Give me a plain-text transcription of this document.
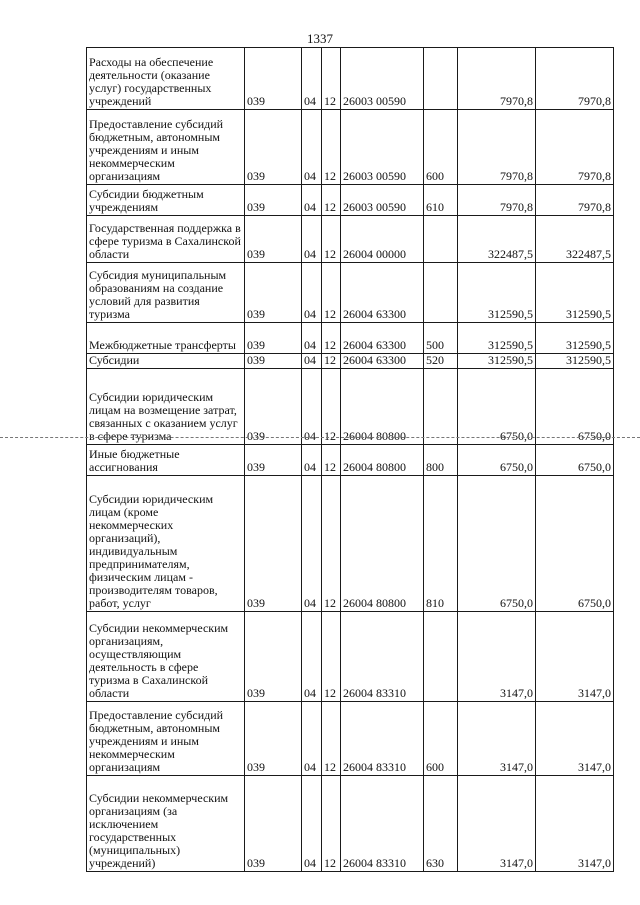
1337
Расходы на обеспечение деятельности (оказание услуг) государственных учреждений	039	04	12	26003 00590		7970,8	7970,8
Предоставление субсидий бюджетным, автономным учреждениям и иным некоммерческим организациям	039	04	12	26003 00590	600	7970,8	7970,8
Субсидии бюджетным учреждениям	039	04	12	26003 00590	610	7970,8	7970,8
Государственная поддержка в сфере туризма в Сахалинской области	039	04	12	26004 00000		322487,5	322487,5
Субсидия муниципальным образованиям на создание условий для развития туризма	039	04	12	26004 63300		312590,5	312590,5
Межбюджетные трансферты	039	04	12	26004 63300	500	312590,5	312590,5
Субсидии	039	04	12	26004 63300	520	312590,5	312590,5
Субсидии юридическим лицам на возмещение затрат, связанных с оказанием услуг в сфере туризма	039	04	12	26004 80800		6750,0	6750,0
Иные бюджетные ассигнования	039	04	12	26004 80800	800	6750,0	6750,0
Субсидии юридическим лицам (кроме некоммерческих организаций), индивидуальным предпринимателям, физическим лицам - производителям товаров, работ, услуг	039	04	12	26004 80800	810	6750,0	6750,0
Субсидии некоммерческим организациям, осуществляющим деятельность в сфере туризма в Сахалинской области	039	04	12	26004 83310		3147,0	3147,0
Предоставление субсидий бюджетным, автономным учреждениям и иным некоммерческим организациям	039	04	12	26004 83310	600	3147,0	3147,0
Субсидии некоммерческим организациям (за исключением государственных (муниципальных) учреждений)	039	04	12	26004 83310	630	3147,0	3147,0
